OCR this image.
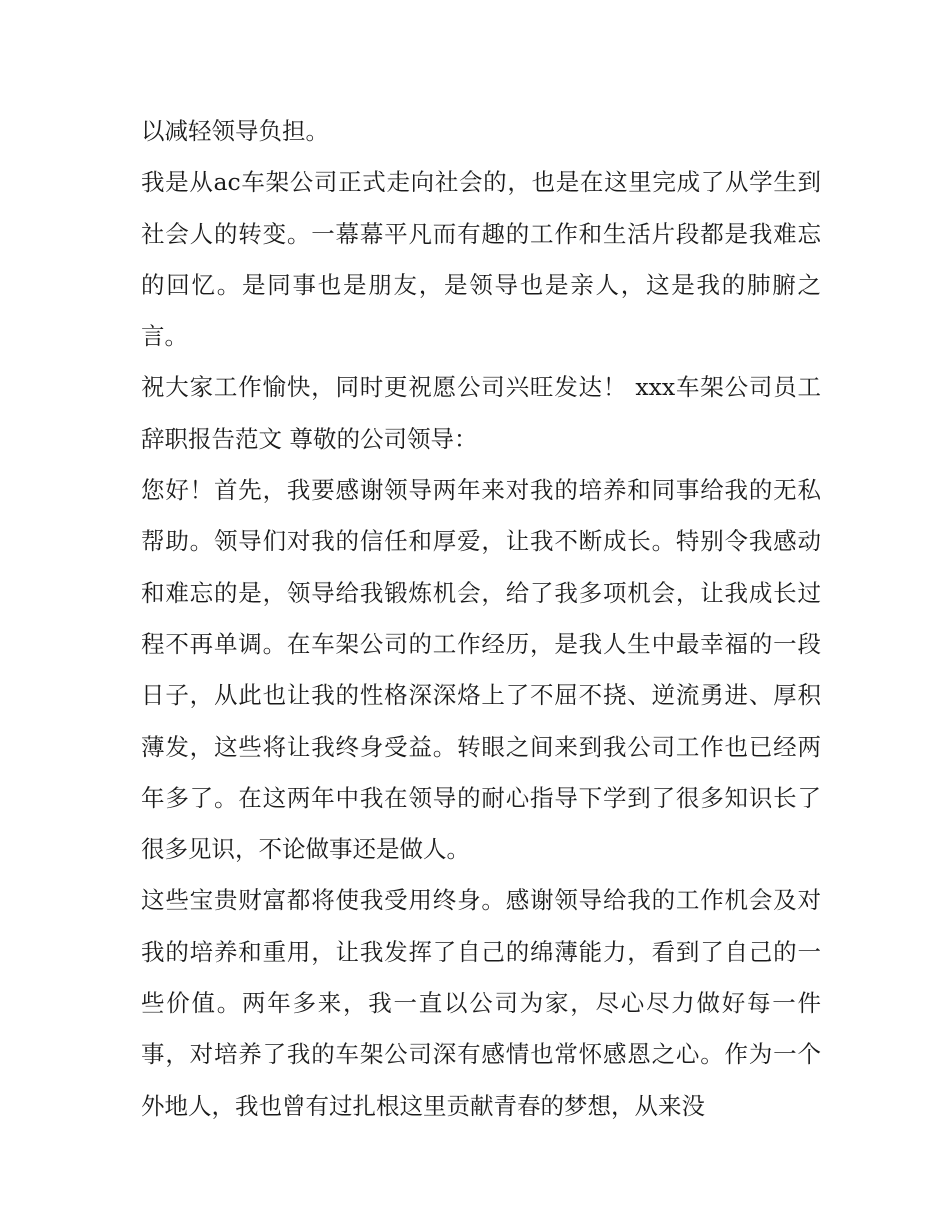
以减轻领导负担。

我是从ac车架公司正式走向社会的，也是在这里完成了从学生到社会人的转变。一幕幕平凡而有趣的工作和生活片段都是我难忘的回忆。是同事也是朋友，是领导也是亲人，这是我的肺腑之言。

祝大家工作愉快，同时更祝愿公司兴旺发达！ xxx车架公司员工辞职报告范文 尊敬的公司领导：

您好！首先，我要感谢领导两年来对我的培养和同事给我的无私帮助。领导们对我的信任和厚爱，让我不断成长。特别令我感动和难忘的是，领导给我锻炼机会，给了我多项机会，让我成长过程不再单调。在车架公司的工作经历，是我人生中最幸福的一段日子，从此也让我的性格深深烙上了不屈不挠、逆流勇进、厚积薄发，这些将让我终身受益。转眼之间来到我公司工作也已经两年多了。在这两年中我在领导的耐心指导下学到了很多知识长了很多见识，不论做事还是做人。

这些宝贵财富都将使我受用终身。感谢领导给我的工作机会及对我的培养和重用，让我发挥了自己的绵薄能力，看到了自己的一些价值。两年多来，我一直以公司为家，尽心尽力做好每一件事，对培养了我的车架公司深有感情也常怀感恩之心。作为一个外地人，我也曾有过扎根这里贡献青春的梦想，从来没
